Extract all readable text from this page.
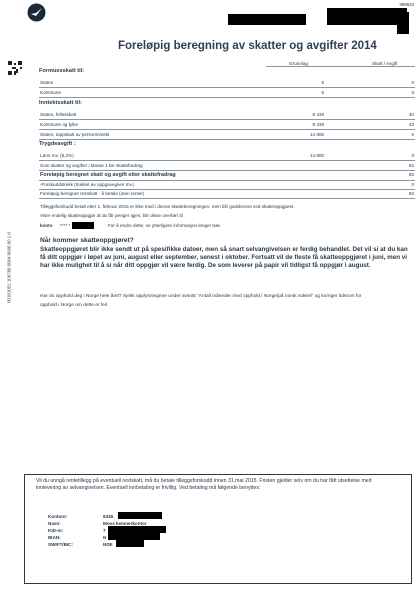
398923
Foreløpig beregning av skatter og avgifter 2014
Grunnlag	Skatt / Avgift
Formuesskatt til:
Staten	5	0
Kommune	5	0
Inntektsskatt til:
Staten, fellesskatt	8 439	40
Kommune og fylke	8 439	43
Staten, toppskatt av personinntekt	14 805	0
Trygdeavgift :
Lønn mv. (8,2%)	14 805	0
Sum skatter og avgifter i klasse 1 før skattefradrag	83
Foreløpig beregnet skatt og avgift etter skattefradrag	83
-Forskuddstrekk (trukket av oppgavegiver mv.)	0
Foreløpig beregnet restskatt - å betale (uten renter)	83
Tilleggsforskudd betalt etter 1. februar 2015 er ikke med i denne skatteberegningen, men blir godskrevet ved skatteoppgjøret.
Viser endelig skatteoppgjør at du får penger igjen, blir disse overført til
konto **** *	For å endre dette, se ytterligere informasjon lenger bak.
Når kommer skatteoppgjøret?
Skatteoppgjøret blir ikke sendt ut på spesifikke datoer, men så snart selvangivelsen er ferdig behandlet. Det vil si at du kan få ditt oppgjør i løpet av juni, august eller september, senest i oktober. Fortsatt vil de fleste få skatteoppgjøret i juni, men vi har ikke mulighet til å si når ditt oppgjør vil være ferdig. De som leverer på papir vil tidligst få oppgjør i august.
Har du opphold deg i Norge hele året? Sjekk opplysningene under avsnitt "Antall måneder med opphold i Norge/på norsk sokkel" og korriger tidsrom for opphold i Norge om dette er feil.
00181001 106789 0004 0000 00 1 0
Vil du unngå rentetillegg på eventuell restskatt, må du betale tilleggsforskudd innen 31.mai 2015. Fristen gjelder selv om du har fått utsettelse med innlevering av selvangivelsen. Eventuell innbetaling er frivillig. Ved betaling må følgende benyttes:
Kontonr:	6345
Navn:	Moss kemnerkontor
KID-nr:	7
IBAN:	N
SWIFT/BIC:	NDE
